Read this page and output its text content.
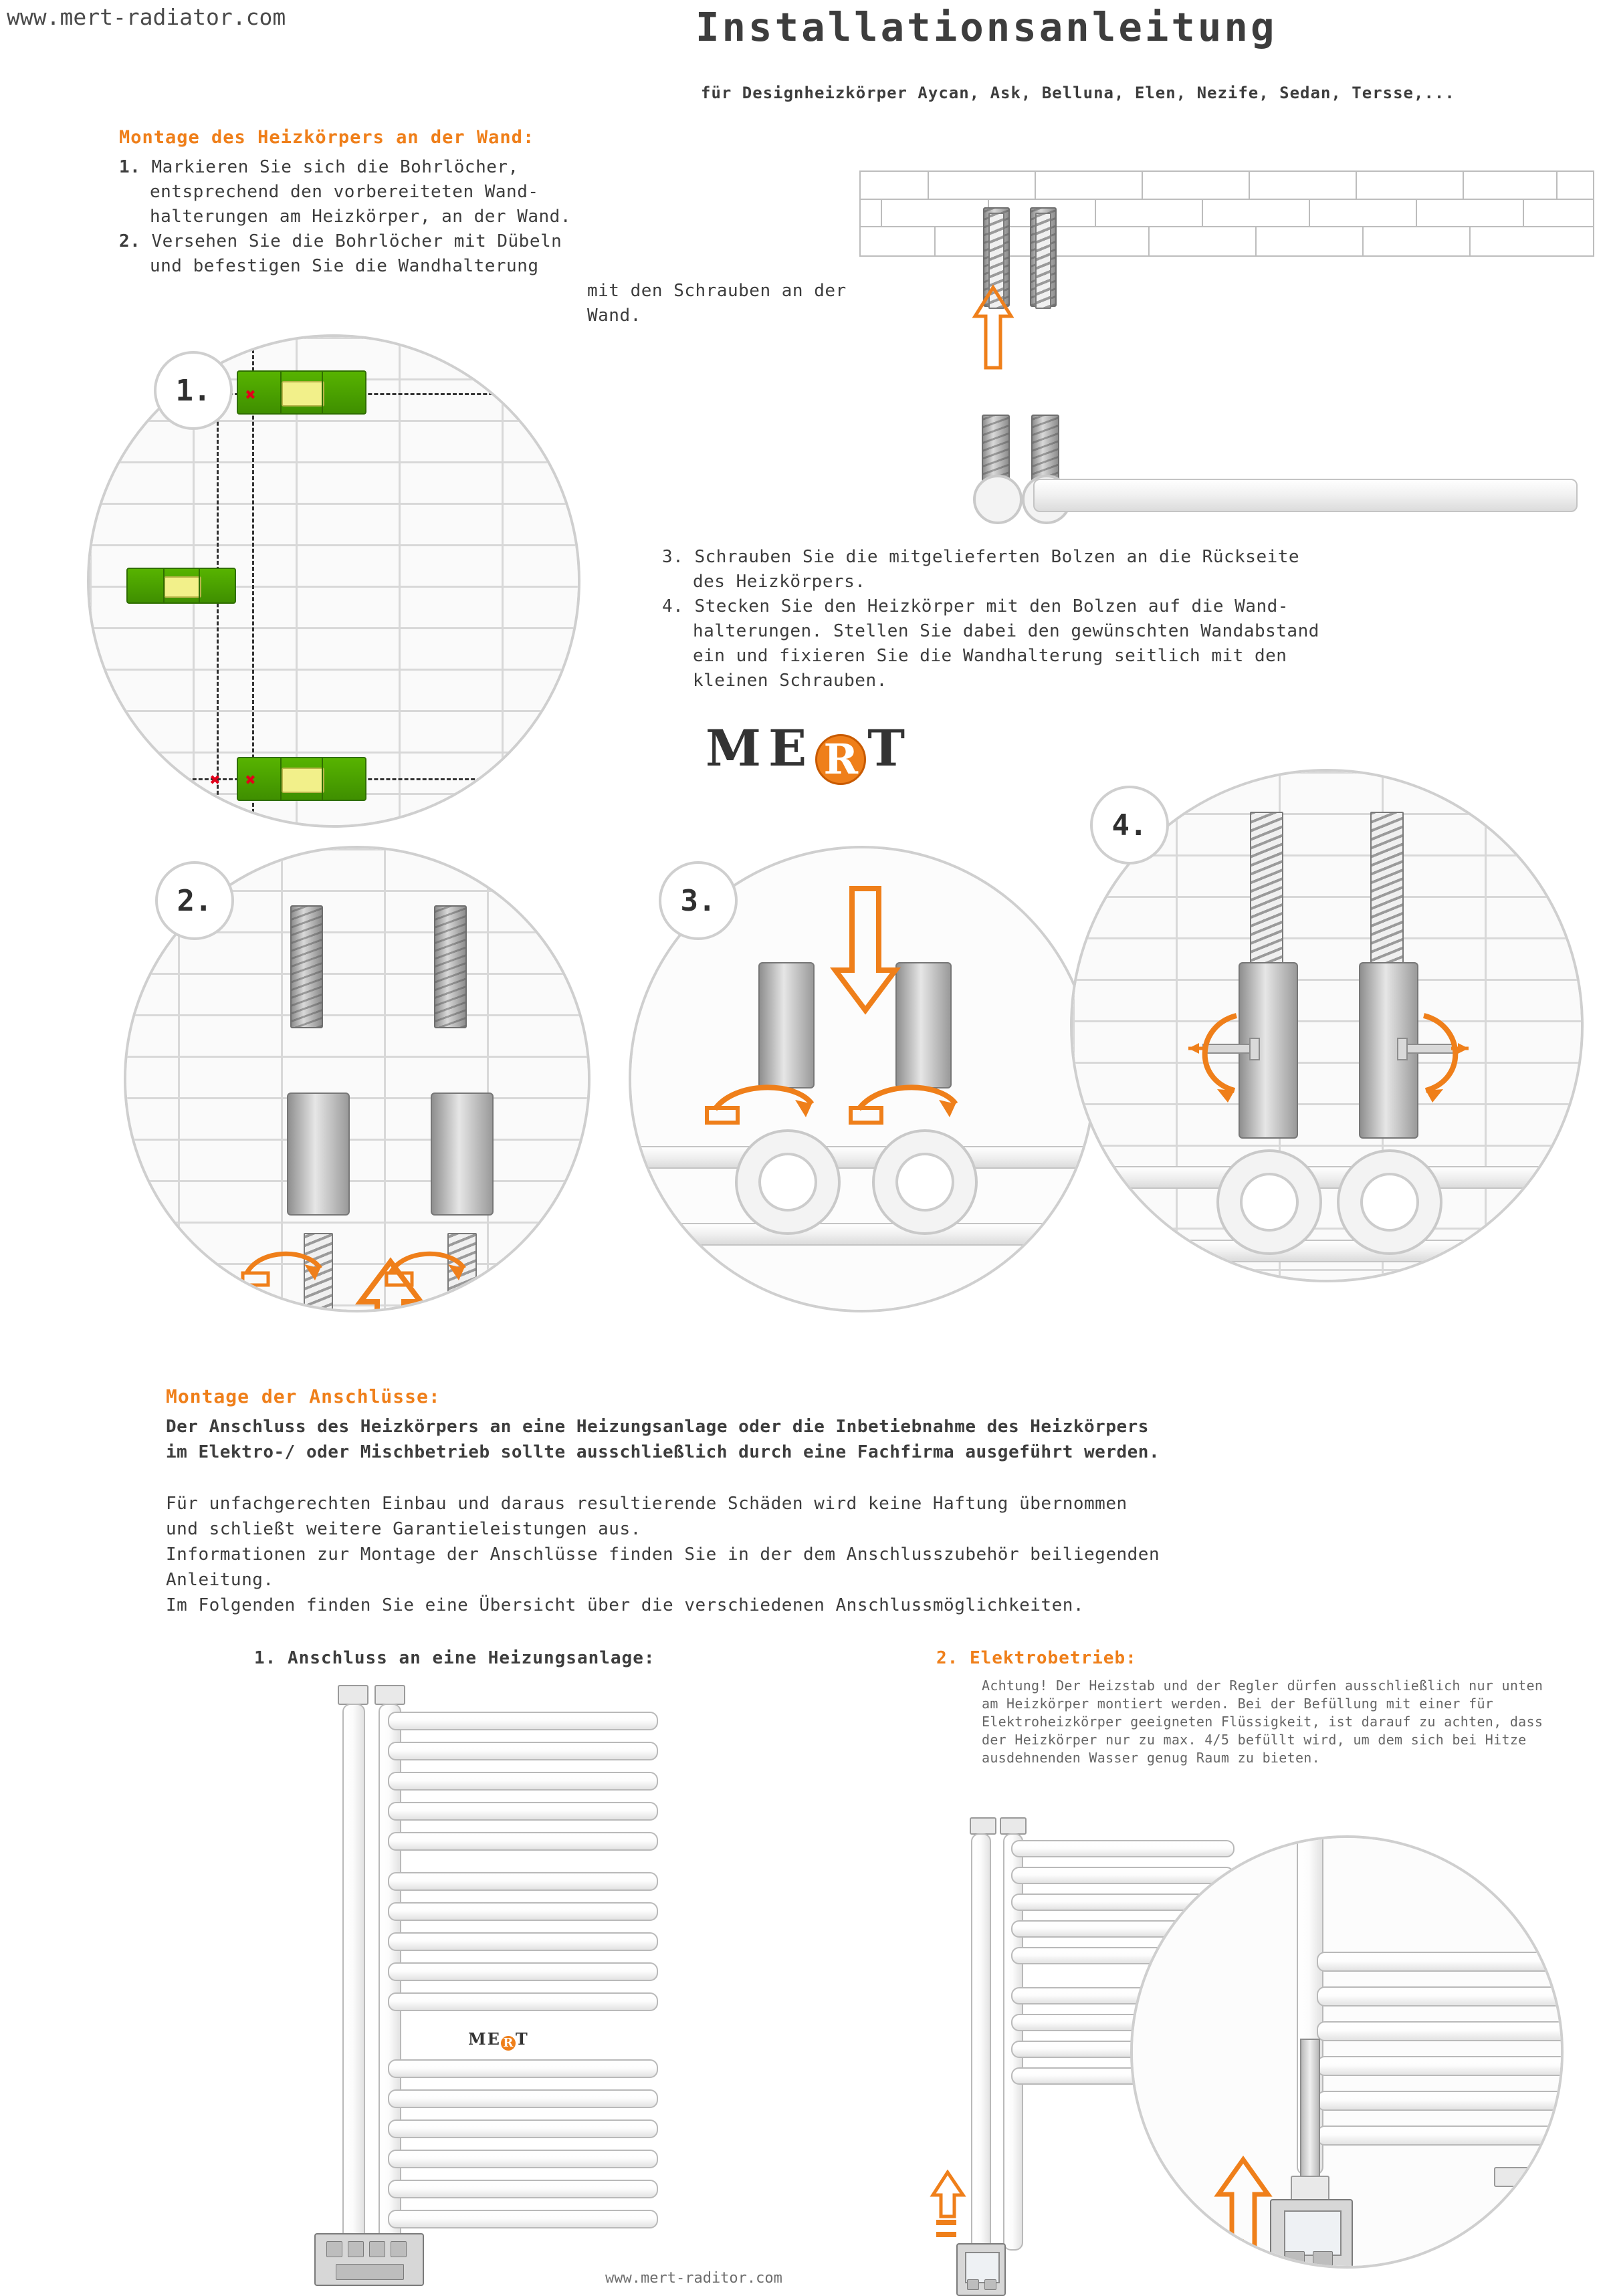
www.mert-radiator.com	Installationsanleitung
für Designheizkörper Aycan, Ask, Belluna, Elen, Nezife, Sedan, Tersse,...
Montage des Heizkörpers an der Wand:
1. Markieren Sie sich die Bohrlöcher,
entsprechend den vorbereiteten Wand-
halterungen am Heizkörper, an der Wand.
2. Versehen Sie die Bohrlöcher mit Dübeln
und befestigen Sie die Wandhalterung
mit den Schrauben an der Wand.
3. Schrauben Sie die mitgelieferten Bolzen an die Rückseite
des Heizkörpers.
4. Stecken Sie den Heizkörper mit den Bolzen auf die Wand-
halterungen. Stellen Sie dabei den gewünschten Wandabstand
ein und fixieren Sie die Wandhalterung seitlich mit den
kleinen Schrauben.
✖
✖ ✖
1.
ME R T
2.	3.
4.
Montage der Anschlüsse:
Der Anschluss des Heizkörpers an eine Heizungsanlage oder die Inbetiebnahme des Heizkörpers
im Elektro-/ oder Mischbetrieb sollte ausschließlich durch eine Fachfirma ausgeführt werden.
Für unfachgerechten Einbau und daraus resultierende Schäden wird keine Haftung übernommen
und schließt weitere Garantieleistungen aus.
Informationen zur Montage der Anschlüsse finden Sie in der dem Anschlusszubehör beiliegenden
Anleitung.
Im Folgenden finden Sie eine Übersicht über die verschiedenen Anschlussmöglichkeiten.
1. Anschluss an eine Heizungsanlage:	2. Elektrobetrieb:
Achtung! Der Heizstab und der Regler dürfen ausschließlich nur unten am Heizkörper montiert werden. Bei der Befüllung mit einer für Elektroheizkörper geeigneten Flüssigkeit, ist darauf zu achten, dass der Heizkörper nur zu max. 4/5 befüllt wird, um dem sich bei Hitze ausdehnenden Wasser genug Raum zu bieten.
ME R T
www.mert-raditor.com
